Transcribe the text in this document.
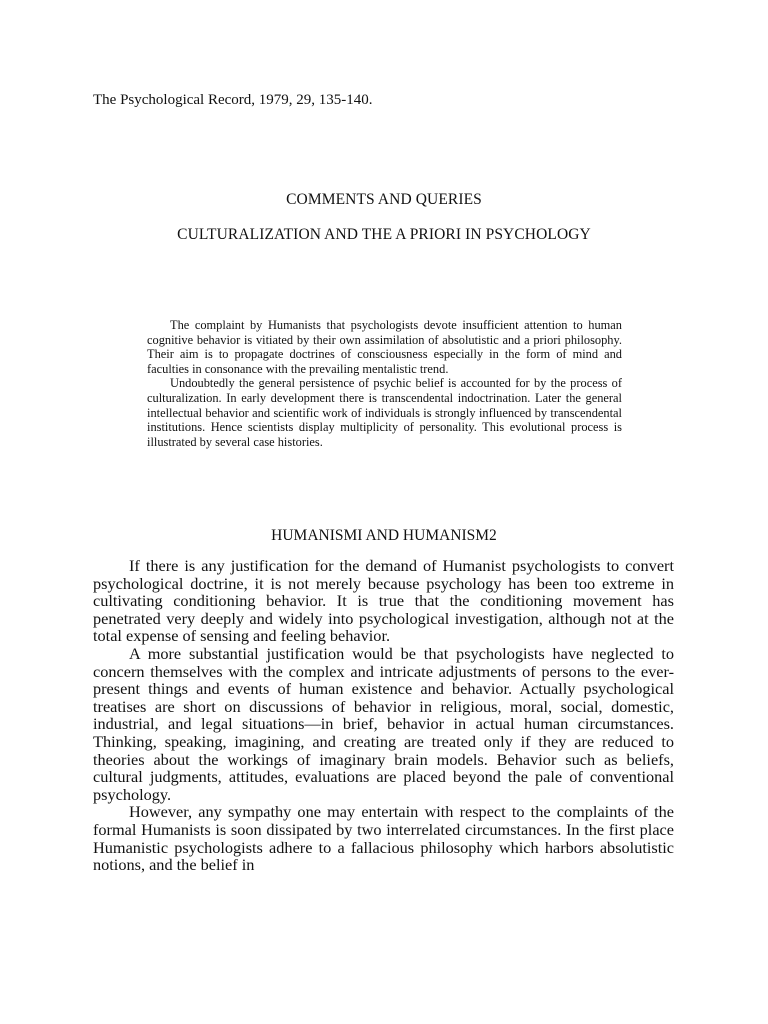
The Psychological Record, 1979, 29, 135-140.
COMMENTS AND QUERIES
CULTURALIZATION AND THE A PRIORI IN PSYCHOLOGY

The complaint by Humanists that psychologists devote insufficient attention to human cognitive behavior is vitiated by their own assimilation of absolutistic and a priori philosophy. Their aim is to propagate doctrines of consciousness especially in the form of mind and faculties in consonance with the prevailing mentalistic trend.

Undoubtedly the general persistence of psychic belief is accounted for by the process of culturalization. In early development there is transcendental indoctrination. Later the general intellectual behavior and scientific work of individuals is strongly influenced by transcendental institutions. Hence scientists display multiplicity of personality. This evolutional process is illustrated by several case histories.

HUMANISMI AND HUMANISM2

If there is any justification for the demand of Humanist psychologists to convert psychological doctrine, it is not merely because psychology has been too extreme in cultivating conditioning behavior. It is true that the conditioning movement has penetrated very deeply and widely into psychological investigation, although not at the total expense of sensing and feeling behavior.

A more substantial justification would be that psychologists have neglected to concern themselves with the complex and intricate adjustments of persons to the ever-present things and events of human existence and behavior. Actually psychological treatises are short on discussions of behavior in religious, moral, social, domestic, industrial, and legal situations—in brief, behavior in actual human circumstances. Thinking, speaking, imagining, and creating are treated only if they are reduced to theories about the workings of imaginary brain models. Behavior such as beliefs, cultural judgments, attitudes, evaluations are placed beyond the pale of conventional psychology.

However, any sympathy one may entertain with respect to the complaints of the formal Humanists is soon dissipated by two interrelated circumstances. In the first place Humanistic psychologists adhere to a fallacious philosophy which harbors absolutistic notions, and the belief in
